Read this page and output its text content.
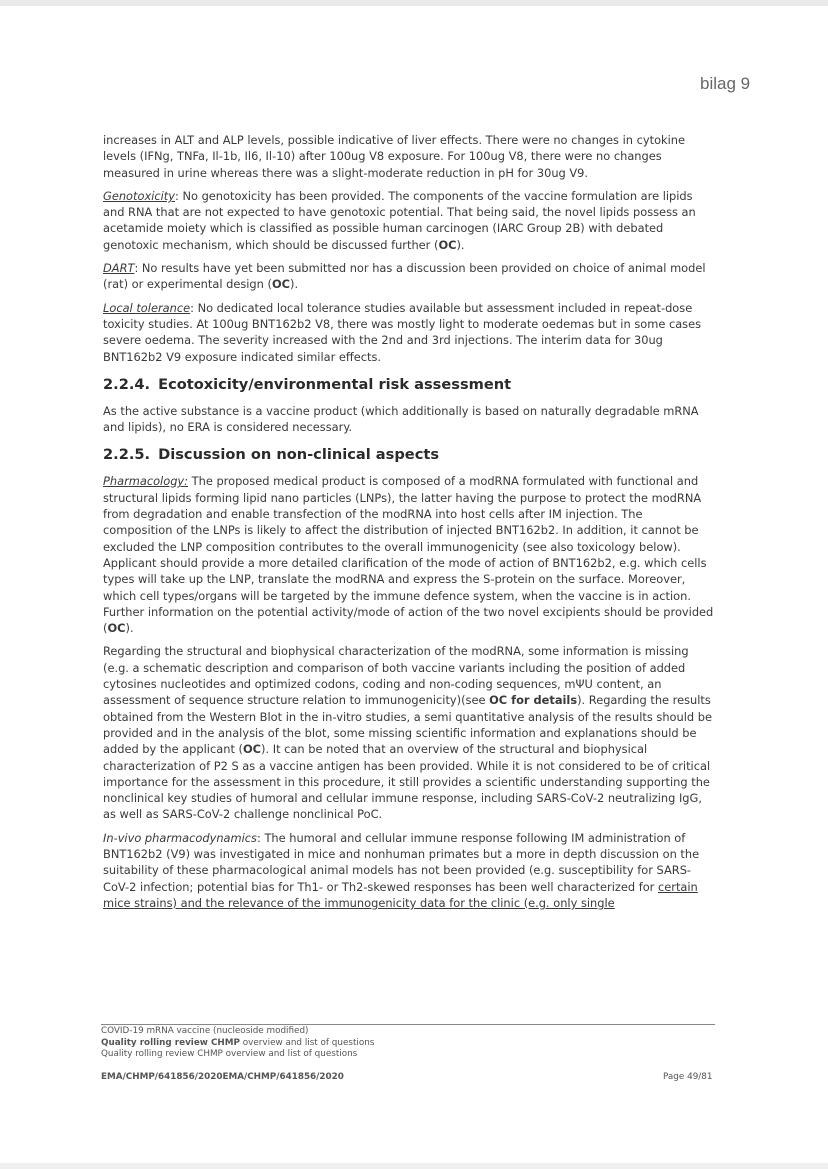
bilag 9

increases in ALT and ALP levels, possible indicative of liver effects. There were no changes in cytokine levels (IFNg, TNFa, Il-1b, Il6, Il-10) after 100ug V8 exposure. For 100ug V8, there were no changes measured in urine whereas there was a slight-moderate reduction in pH for 30ug V9.

Genotoxicity: No genotoxicity has been provided. The components of the vaccine formulation are lipids and RNA that are not expected to have genotoxic potential. That being said, the novel lipids possess an acetamide moiety which is classified as possible human carcinogen (IARC Group 2B) with debated genotoxic mechanism, which should be discussed further (OC).

DART: No results have yet been submitted nor has a discussion been provided on choice of animal model (rat) or experimental design (OC).

Local tolerance: No dedicated local tolerance studies available but assessment included in repeat-dose toxicity studies. At 100ug BNT162b2 V8, there was mostly light to moderate oedemas but in some cases severe oedema. The severity increased with the 2nd and 3rd injections. The interim data for 30ug BNT162b2 V9 exposure indicated similar effects.

2.2.4. Ecotoxicity/environmental risk assessment

As the active substance is a vaccine product (which additionally is based on naturally degradable mRNA and lipids), no ERA is considered necessary.

2.2.5. Discussion on non-clinical aspects

Pharmacology: The proposed medical product is composed of a modRNA formulated with functional and structural lipids forming lipid nano particles (LNPs), the latter having the purpose to protect the modRNA from degradation and enable transfection of the modRNA into host cells after IM injection. The composition of the LNPs is likely to affect the distribution of injected BNT162b2. In addition, it cannot be excluded the LNP composition contributes to the overall immunogenicity (see also toxicology below). Applicant should provide a more detailed clarification of the mode of action of BNT162b2, e.g. which cells types will take up the LNP, translate the modRNA and express the S-protein on the surface. Moreover, which cell types/organs will be targeted by the immune defence system, when the vaccine is in action. Further information on the potential activity/mode of action of the two novel excipients should be provided (OC).

Regarding the structural and biophysical characterization of the modRNA, some information is missing (e.g. a schematic description and comparison of both vaccine variants including the position of added cytosines nucleotides and optimized codons, coding and non-coding sequences, mΨU content, an assessment of sequence structure relation to immunogenicity)(see OC for details). Regarding the results obtained from the Western Blot in the in-vitro studies, a semi quantitative analysis of the results should be provided and in the analysis of the blot, some missing scientific information and explanations should be added by the applicant (OC). It can be noted that an overview of the structural and biophysical characterization of P2 S as a vaccine antigen has been provided. While it is not considered to be of critical importance for the assessment in this procedure, it still provides a scientific understanding supporting the nonclinical key studies of humoral and cellular immune response, including SARS-CoV-2 neutralizing IgG, as well as SARS-CoV-2 challenge nonclinical PoC.

In-vivo pharmacodynamics: The humoral and cellular immune response following IM administration of BNT162b2 (V9) was investigated in mice and nonhuman primates but a more in depth discussion on the suitability of these pharmacological animal models has not been provided (e.g. susceptibility for SARS-CoV-2 infection; potential bias for Th1- or Th2-skewed responses has been well characterized for certain mice strains) and the relevance of the immunogenicity data for the clinic (e.g. only single

COVID-19 mRNA vaccine (nucleoside modified)
Quality rolling review CHMP overview and list of questions
Quality rolling review CHMP overview and list of questions
EMA/CHMP/641856/2020EMA/CHMP/641856/2020	Page 49/81
